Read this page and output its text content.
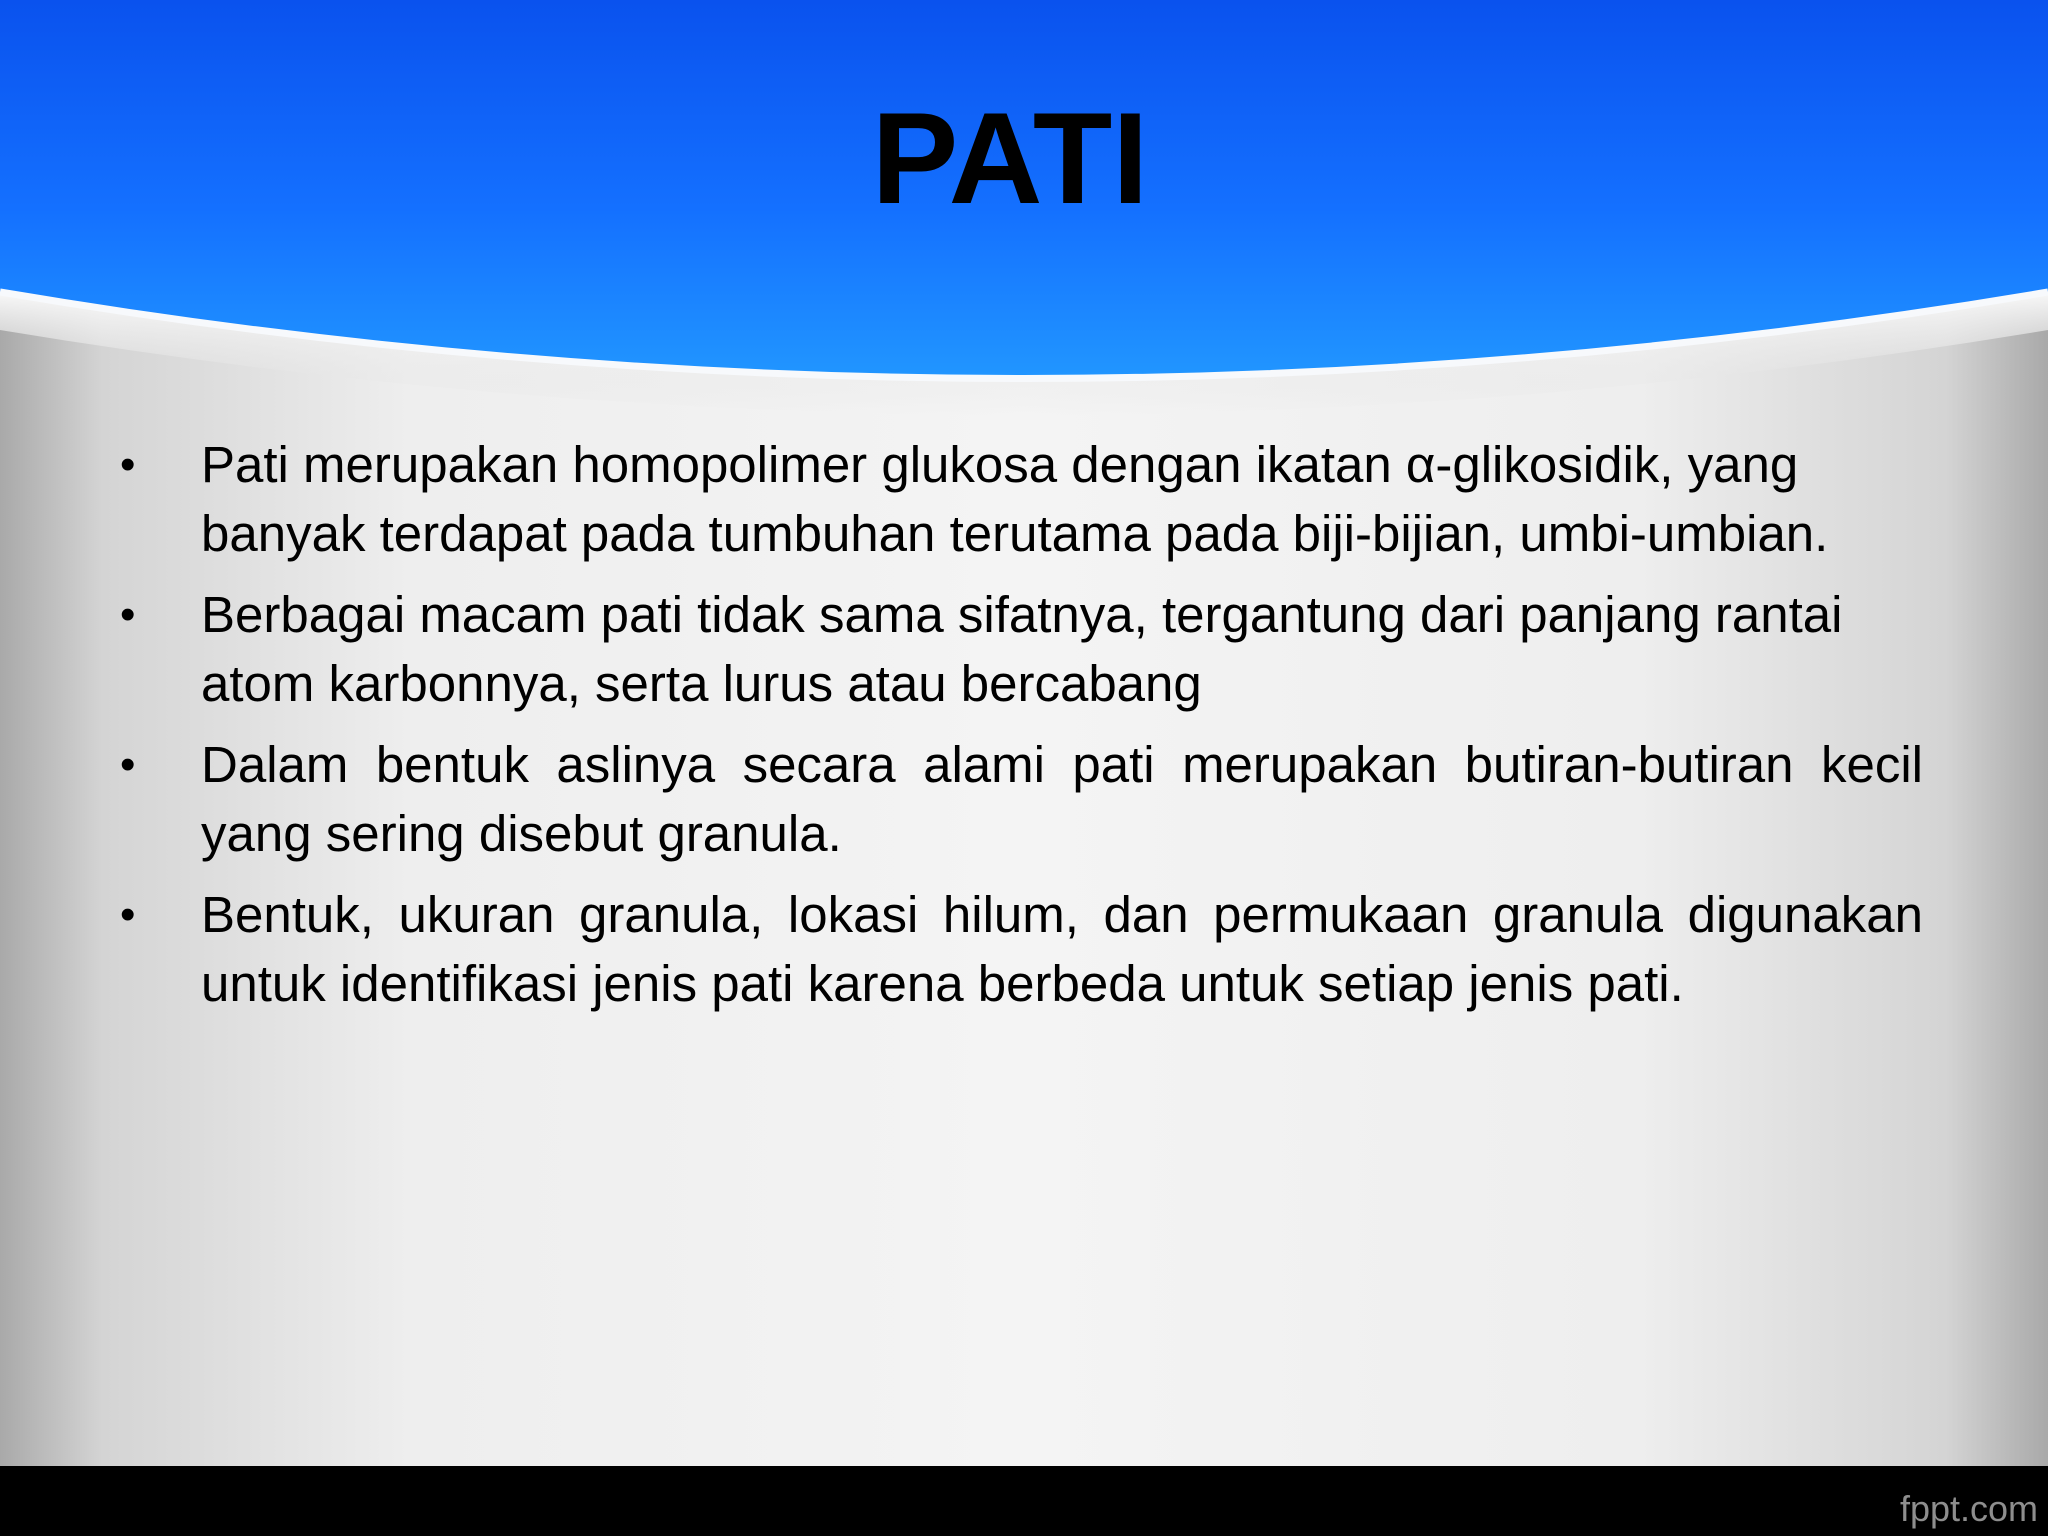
PATI
• Pati merupakan homopolimer glukosa dengan ikatan α-glikosidik, yang banyak terdapat pada tumbuhan terutama pada biji-bijian, umbi-umbian.
• Berbagai macam pati tidak sama sifatnya, tergantung dari panjang rantai atom karbonnya, serta lurus atau bercabang
• Dalam bentuk aslinya secara alami pati merupakan butiran-butiran kecil yang sering disebut granula.
• Bentuk, ukuran granula, lokasi hilum, dan permukaan granula digunakan untuk identifikasi jenis pati karena berbeda untuk setiap jenis pati.
fppt.com
